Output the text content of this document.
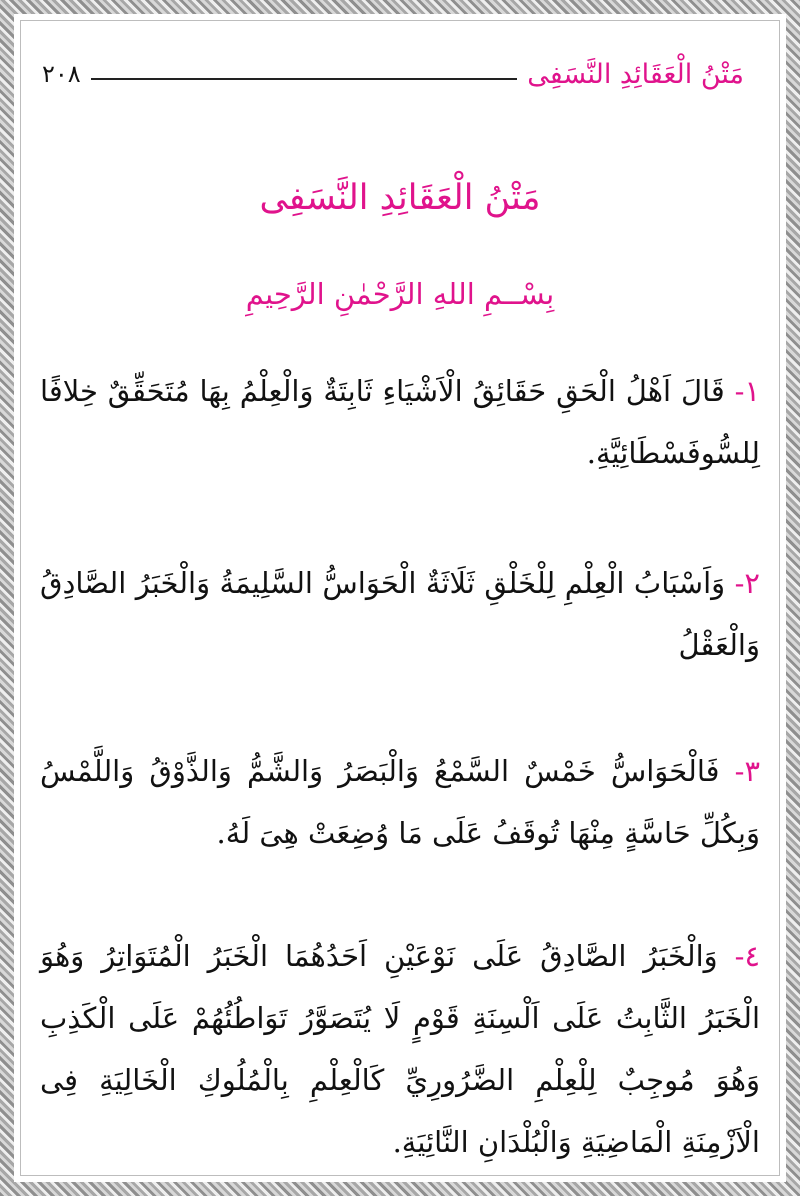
مَتْنُ الْعَقَائِدِ النَّسَفِى
٢٠٨
مَتْنُ الْعَقَائِدِ النَّسَفِى
بِسْــمِ اللهِ الرَّحْمٰنِ الرَّحِيمِ
١- قَالَ اَهْلُ الْحَقِ حَقَائِقُ الْاَشْيَاءِ ثَابِتَةٌ وَالْعِلْمُ بِهَا مُتَحَقِّقٌ خِلافًا لِلسُّوفَسْطَائِيَّةِ.
٢- وَاَسْبَابُ الْعِلْمِ لِلْخَلْقِ ثَلَاثَةٌ الْحَوَاسُّ السَّلِيمَةُ وَالْخَبَرُ الصَّادِقُ وَالْعَقْلُ
٣- فَالْحَوَاسُّ خَمْسٌ السَّمْعُ وَالْبَصَرُ وَالشَّمُّ وَالذَّوْقُ وَاللَّمْسُ وَبِكُلِّ حَاسَّةٍ مِنْهَا تُوقَفُ عَلَى مَا وُضِعَتْ هِىَ لَهُ.
٤- وَالْخَبَرُ الصَّادِقُ عَلَى نَوْعَيْنِ اَحَدُهُمَا الْخَبَرُ الْمُتَوَاتِرُ وَهُوَ الْخَبَرُ الثَّابِتُ عَلَى اَلْسِنَةِ قَوْمٍ لَا يُتَصَوَّرُ تَوَاطُئُهُمْ عَلَى الْكَذِبِ وَهُوَ مُوجِبٌ لِلْعِلْمِ الضَّرُورِيِّ كَالْعِلْمِ بِالْمُلُوكِ الْخَالِيَةِ فِى الْاَزْمِنَةِ الْمَاضِيَةِ وَالْبُلْدَانِ النَّائِيَةِ.
